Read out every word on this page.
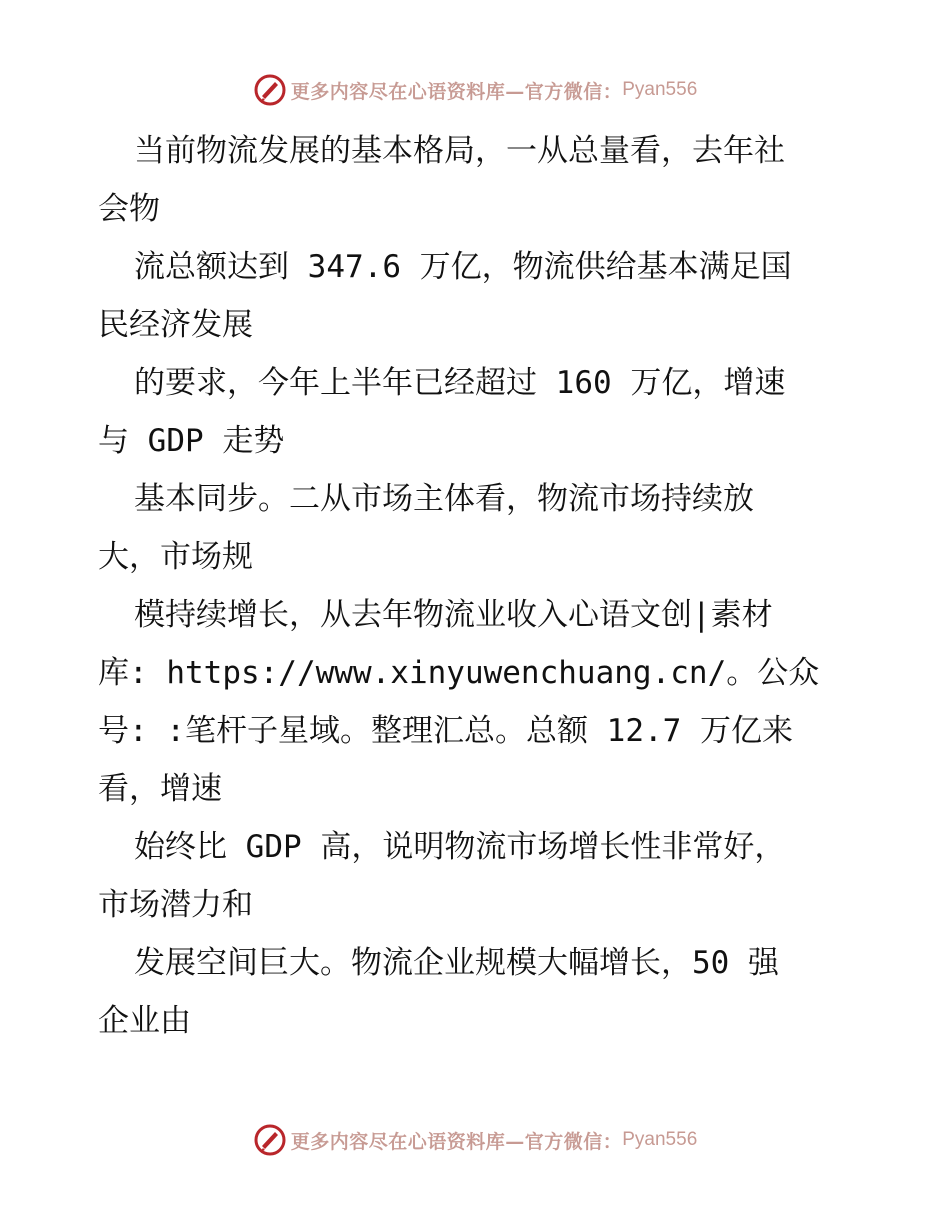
更多内容尽在心语资料库—官方微信： Pyan556
当前物流发展的基本格局，一从总量看，去年社
会物
流总额达到 347.6 万亿，物流供给基本满足国
民经济发展
的要求，今年上半年已经超过 160 万亿，增速
与 GDP 走势
基本同步。二从市场主体看，物流市场持续放
大，市场规
模持续增长，从去年物流业收入心语文创|素材
库: https://www.xinyuwenchuang.cn/。公众
号: :笔杆子星域。整理汇总。总额 12.7 万亿来
看，增速
始终比 GDP 高，说明物流市场增长性非常好，
市场潜力和
发展空间巨大。物流企业规模大幅增长，50 强
企业由
更多内容尽在心语资料库—官方微信： Pyan556
